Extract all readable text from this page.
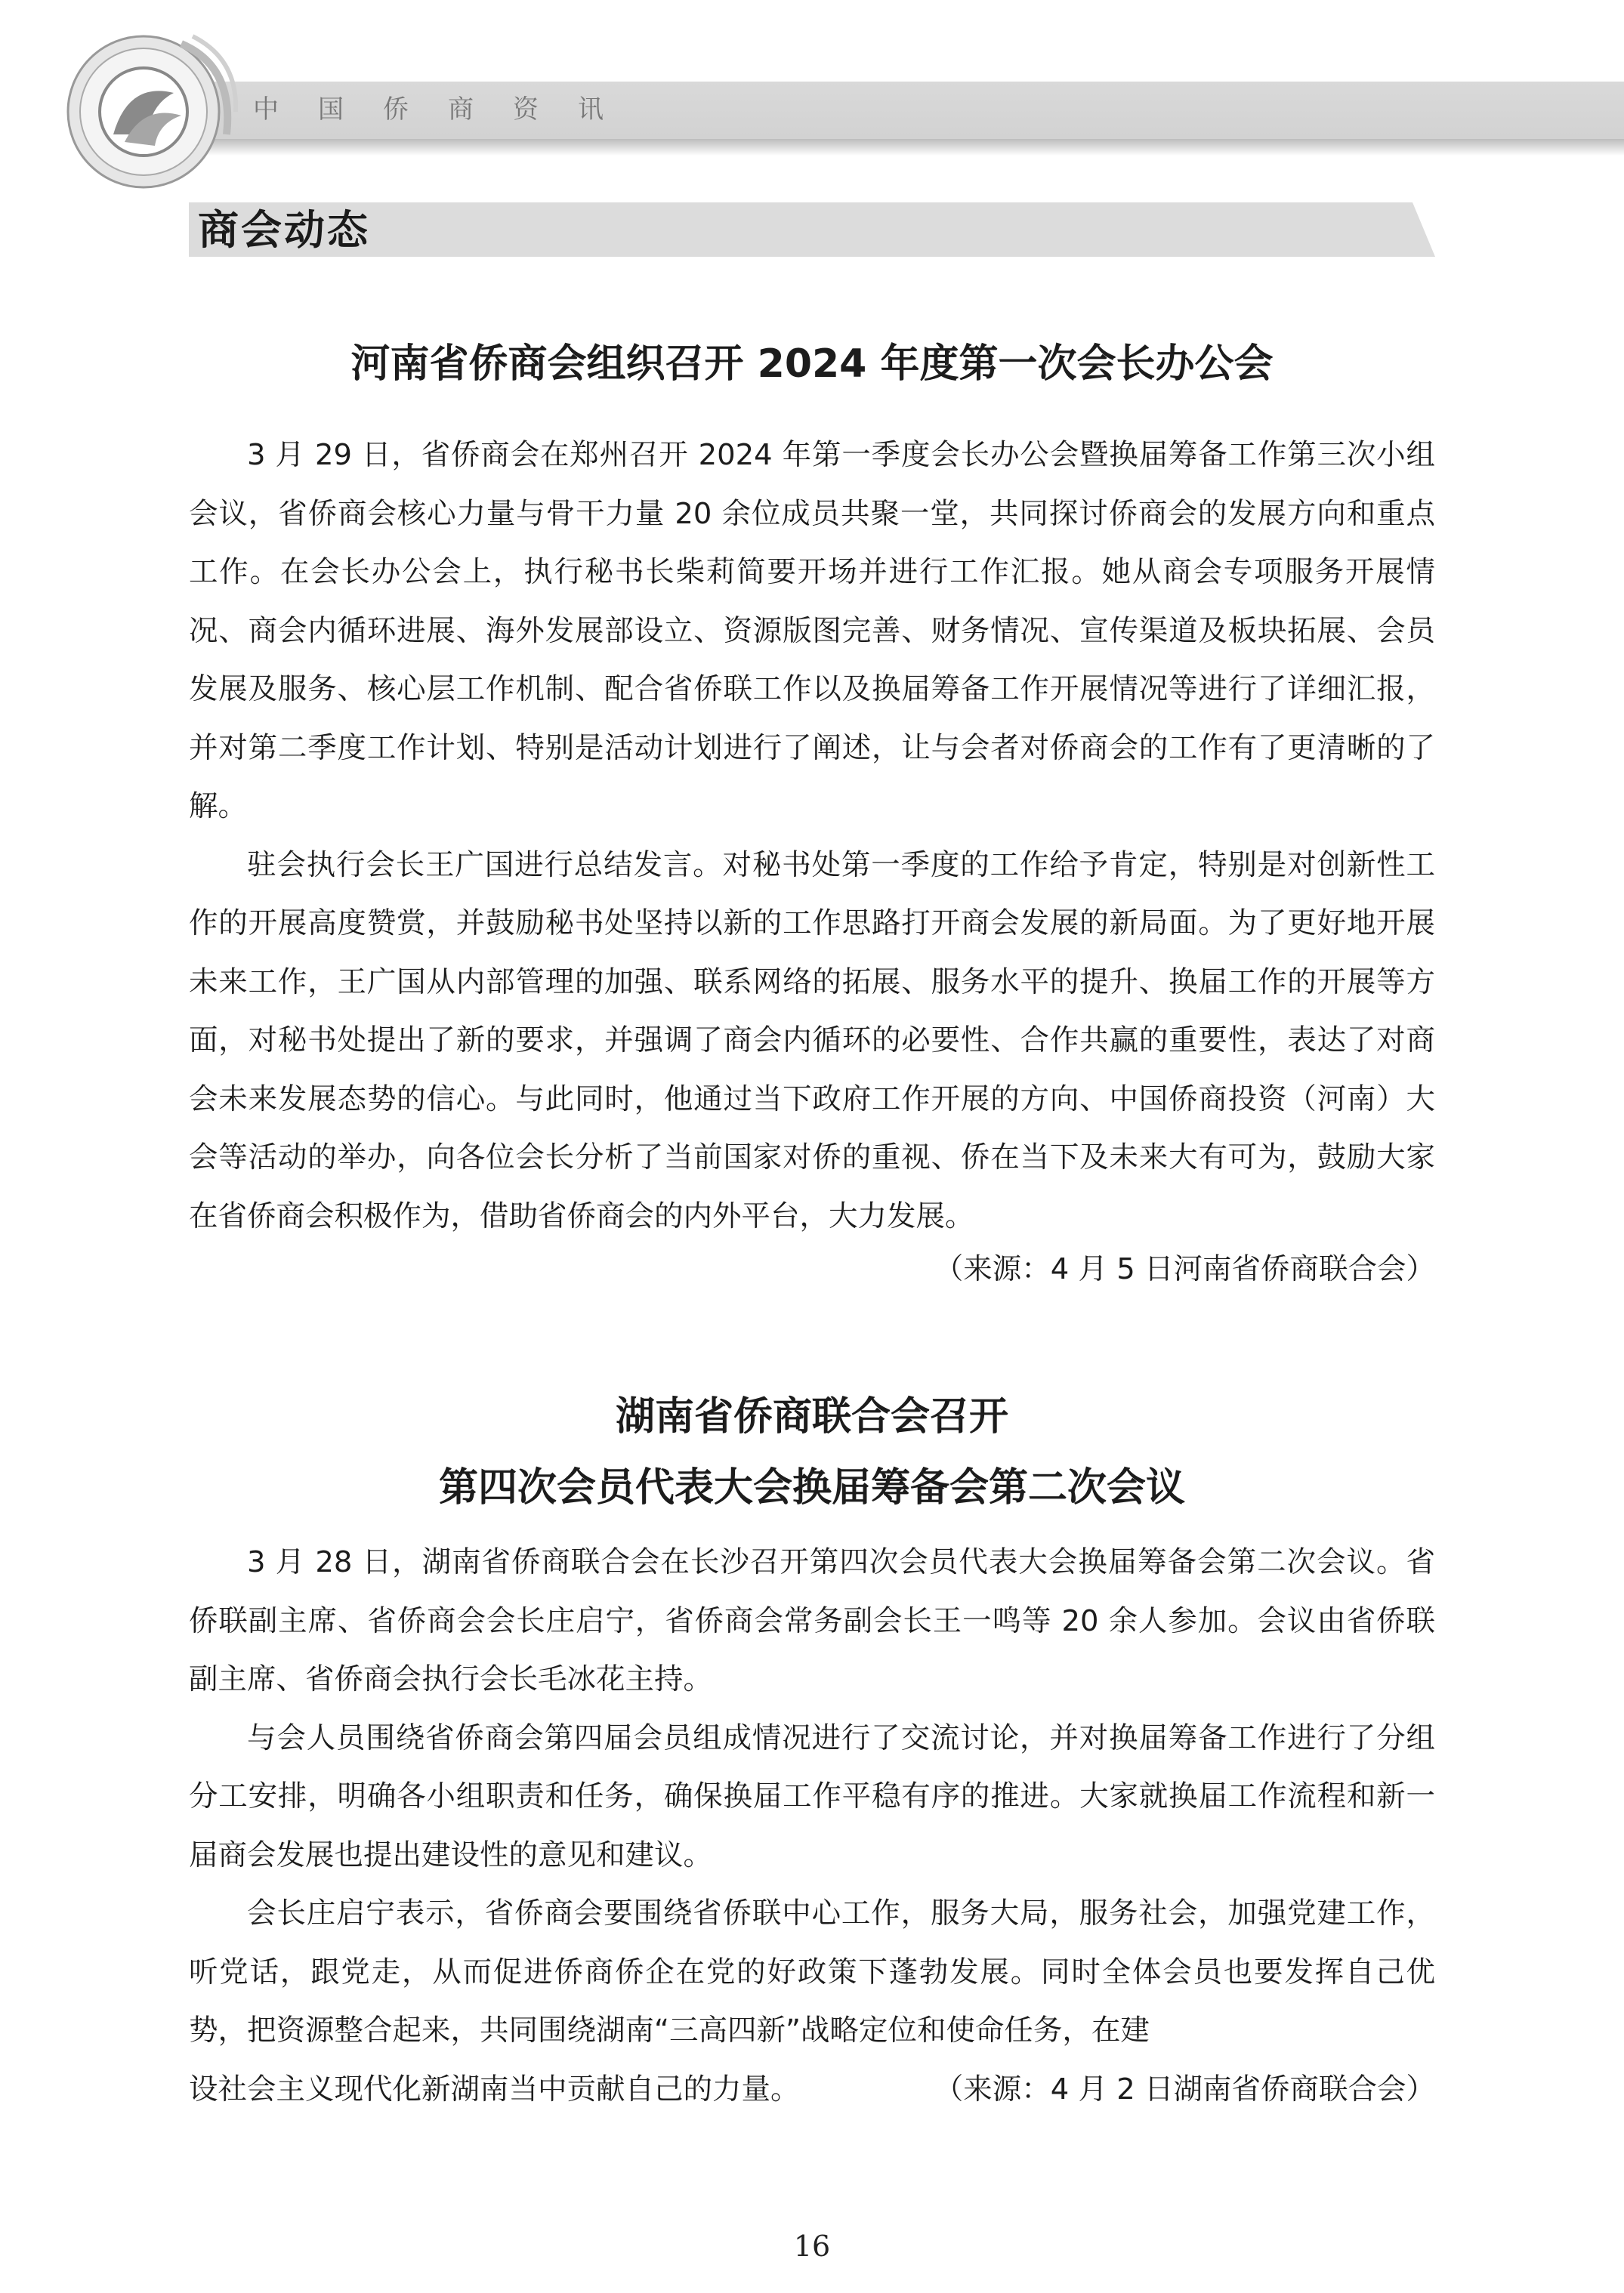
中国侨商资讯
商会动态
河南省侨商会组织召开 2024 年度第一次会长办公会

3 月 29 日，省侨商会在郑州召开 2024 年第一季度会长办公会暨换届筹备工作第三次小组会议，省侨商会核心力量与骨干力量 20 余位成员共聚一堂，共同探讨侨商会的发展方向和重点工作。在会长办公会上，执行秘书长柴莉简要开场并进行工作汇报。她从商会专项服务开展情况、商会内循环进展、海外发展部设立、资源版图完善、财务情况、宣传渠道及板块拓展、会员发展及服务、核心层工作机制、配合省侨联工作以及换届筹备工作开展情况等进行了详细汇报，并对第二季度工作计划、特别是活动计划进行了阐述，让与会者对侨商会的工作有了更清晰的了解。

驻会执行会长王广国进行总结发言。对秘书处第一季度的工作给予肯定，特别是对创新性工作的开展高度赞赏，并鼓励秘书处坚持以新的工作思路打开商会发展的新局面。为了更好地开展未来工作，王广国从内部管理的加强、联系网络的拓展、服务水平的提升、换届工作的开展等方面，对秘书处提出了新的要求，并强调了商会内循环的必要性、合作共赢的重要性，表达了对商会未来发展态势的信心。与此同时，他通过当下政府工作开展的方向、中国侨商投资（河南）大会等活动的举办，向各位会长分析了当前国家对侨的重视、侨在当下及未来大有可为，鼓励大家在省侨商会积极作为，借助省侨商会的内外平台，大力发展。

（来源：4 月 5 日河南省侨商联合会）
湖南省侨商联合会召开
第四次会员代表大会换届筹备会第二次会议

3 月 28 日，湖南省侨商联合会在长沙召开第四次会员代表大会换届筹备会第二次会议。省侨联副主席、省侨商会会长庄启宁，省侨商会常务副会长王一鸣等 20 余人参加。会议由省侨联副主席、省侨商会执行会长毛冰花主持。

与会人员围绕省侨商会第四届会员组成情况进行了交流讨论，并对换届筹备工作进行了分组分工安排，明确各小组职责和任务，确保换届工作平稳有序的推进。大家就换届工作流程和新一届商会发展也提出建设性的意见和建议。

会长庄启宁表示，省侨商会要围绕省侨联中心工作，服务大局，服务社会，加强党建工作，听党话，跟党走，从而促进侨商侨企在党的好政策下蓬勃发展。同时全体会员也要发挥自己优势，把资源整合起来，共同围绕湖南“三高四新”战略定位和使命任务，在建

设社会主义现代化新湖南当中贡献自己的力量。	（来源：4 月 2 日湖南省侨商联合会）
16
